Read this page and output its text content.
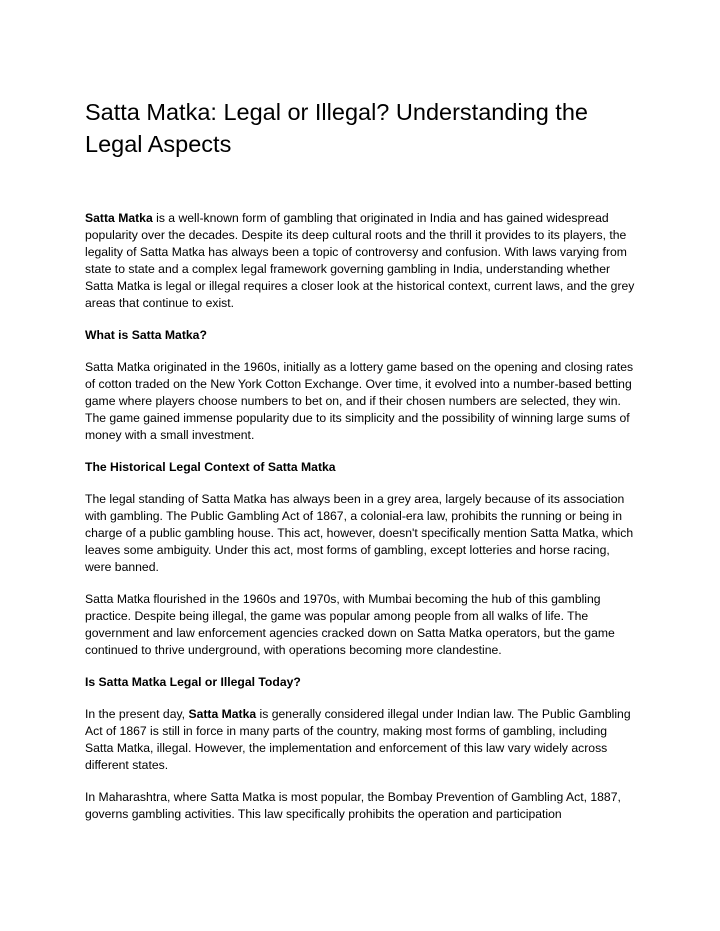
Satta Matka: Legal or Illegal? Understanding the Legal Aspects

Satta Matka is a well-known form of gambling that originated in India and has gained widespread popularity over the decades. Despite its deep cultural roots and the thrill it provides to its players, the legality of Satta Matka has always been a topic of controversy and confusion. With laws varying from state to state and a complex legal framework governing gambling in India, understanding whether Satta Matka is legal or illegal requires a closer look at the historical context, current laws, and the grey areas that continue to exist.

What is Satta Matka?

Satta Matka originated in the 1960s, initially as a lottery game based on the opening and closing rates of cotton traded on the New York Cotton Exchange. Over time, it evolved into a number-based betting game where players choose numbers to bet on, and if their chosen numbers are selected, they win. The game gained immense popularity due to its simplicity and the possibility of winning large sums of money with a small investment.

The Historical Legal Context of Satta Matka

The legal standing of Satta Matka has always been in a grey area, largely because of its association with gambling. The Public Gambling Act of 1867, a colonial-era law, prohibits the running or being in charge of a public gambling house. This act, however, doesn't specifically mention Satta Matka, which leaves some ambiguity. Under this act, most forms of gambling, except lotteries and horse racing, were banned.

Satta Matka flourished in the 1960s and 1970s, with Mumbai becoming the hub of this gambling practice. Despite being illegal, the game was popular among people from all walks of life. The government and law enforcement agencies cracked down on Satta Matka operators, but the game continued to thrive underground, with operations becoming more clandestine.

Is Satta Matka Legal or Illegal Today?

In the present day, Satta Matka is generally considered illegal under Indian law. The Public Gambling Act of 1867 is still in force in many parts of the country, making most forms of gambling, including Satta Matka, illegal. However, the implementation and enforcement of this law vary widely across different states.

In Maharashtra, where Satta Matka is most popular, the Bombay Prevention of Gambling Act, 1887, governs gambling activities. This law specifically prohibits the operation and participation
